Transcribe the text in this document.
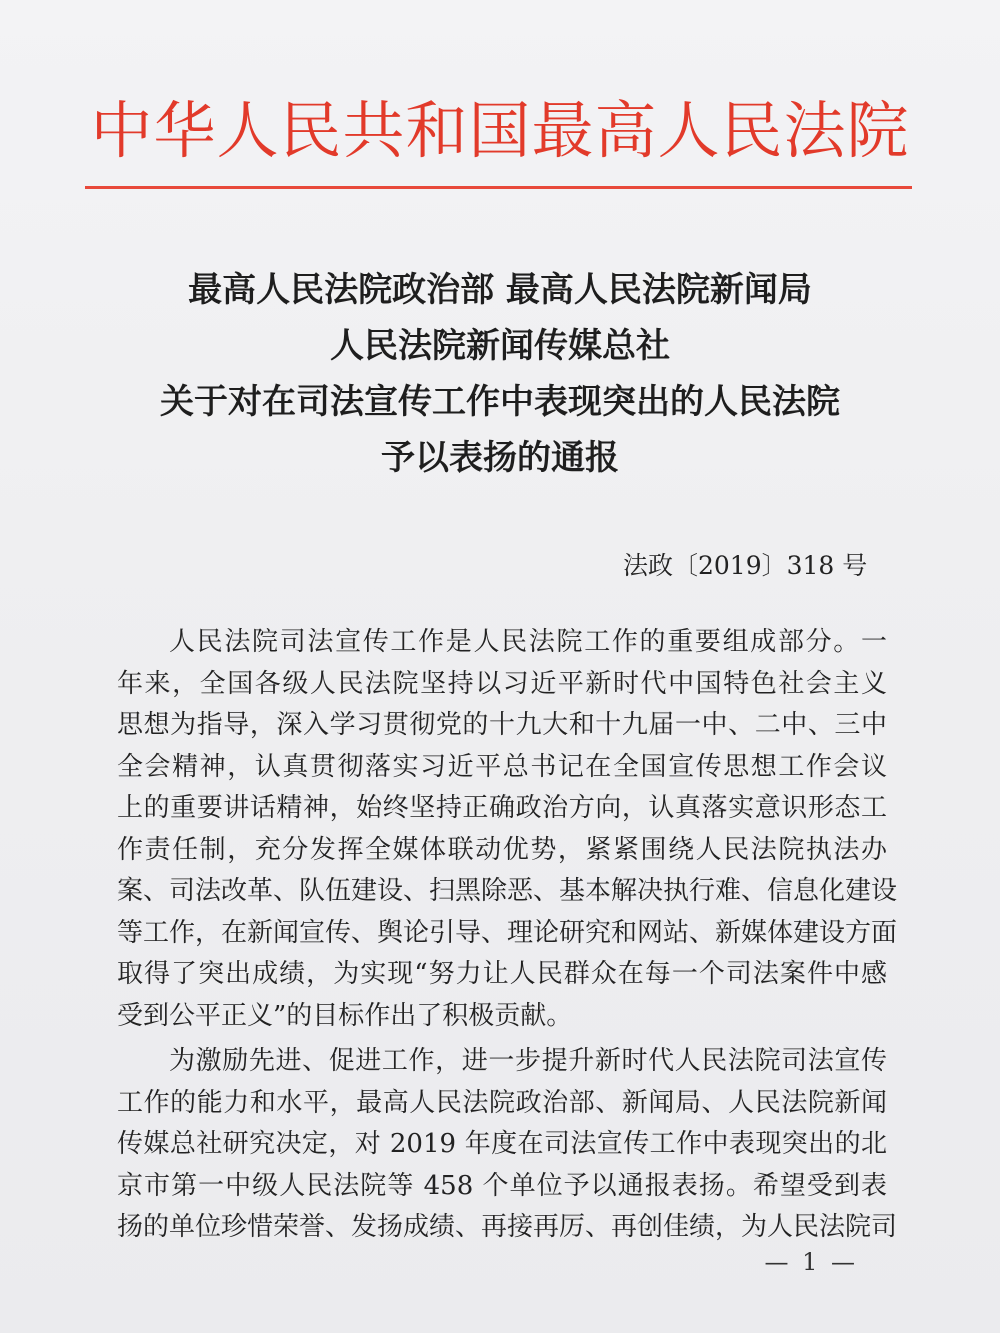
中华人民共和国最高人民法院
最高人民法院政治部 最高人民法院新闻局
人民法院新闻传媒总社
关于对在司法宣传工作中表现突出的人民法院
予以表扬的通报
法政〔2019〕318 号
人民法院司法宣传工作是人民法院工作的重要组成部分。一
年来，全国各级人民法院坚持以习近平新时代中国特色社会主义
思想为指导，深入学习贯彻党的十九大和十九届一中、二中、三中
全会精神，认真贯彻落实习近平总书记在全国宣传思想工作会议
上的重要讲话精神，始终坚持正确政治方向，认真落实意识形态工
作责任制，充分发挥全媒体联动优势，紧紧围绕人民法院执法办
案、司法改革、队伍建设、扫黑除恶、基本解决执行难、信息化建设
等工作，在新闻宣传、舆论引导、理论研究和网站、新媒体建设方面
取得了突出成绩，为实现“努力让人民群众在每一个司法案件中感
受到公平正义”的目标作出了积极贡献。
为激励先进、促进工作，进一步提升新时代人民法院司法宣传
工作的能力和水平，最高人民法院政治部、新闻局、人民法院新闻
传媒总社研究决定，对 2019 年度在司法宣传工作中表现突出的北
京市第一中级人民法院等 458 个单位予以通报表扬。希望受到表
扬的单位珍惜荣誉、发扬成绩、再接再厉、再创佳绩，为人民法院司
— 1 —
